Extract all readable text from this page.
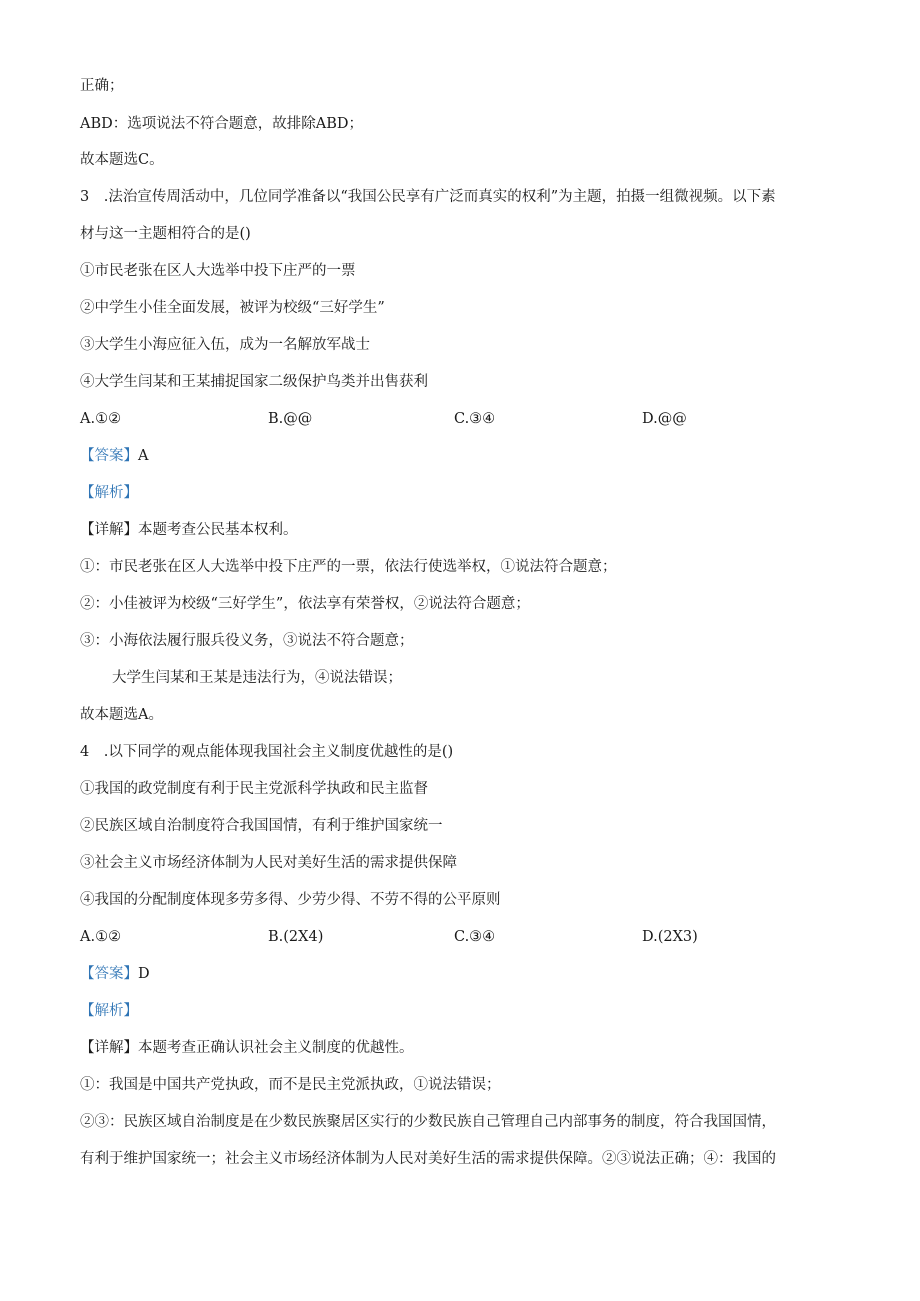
正确；
ABD：选项说法不符合题意，故排除ABD；
故本题选C。
3　.法治宣传周活动中，几位同学准备以“我国公民享有广泛而真实的权利”为主题，拍摄一组微视频。以下素
材与这一主题相符合的是()
①市民老张在区人大选举中投下庄严的一票
②中学生小佳全面发展，被评为校级“三好学生”
③大学生小海应征入伍，成为一名解放军战士
④大学生闫某和王某捕捉国家二级保护鸟类并出售获利
A.①②	B.@@	C.③④	D.@@
【答案】A
【解析】
【详解】本题考查公民基本权利。
①：市民老张在区人大选举中投下庄严的一票，依法行使选举权，①说法符合题意；
②：小佳被评为校级“三好学生”，依法享有荣誉权，②说法符合题意；
③：小海依法履行服兵役义务，③说法不符合题意；
大学生闫某和王某是违法行为，④说法错误；
故本题选A。
4　.以下同学的观点能体现我国社会主义制度优越性的是()
①我国的政党制度有利于民主党派科学执政和民主监督
②民族区域自治制度符合我国国情，有利于维护国家统一
③社会主义市场经济体制为人民对美好生活的需求提供保障
④我国的分配制度体现多劳多得、少劳少得、不劳不得的公平原则
A.①②	B.(2X4)	C.③④	D.(2X3)
【答案】D
【解析】
【详解】本题考查正确认识社会主义制度的优越性。
①：我国是中国共产党执政，而不是民主党派执政，①说法错误；
②③：民族区域自治制度是在少数民族聚居区实行的少数民族自己管理自己内部事务的制度，符合我国国情，
有利于维护国家统一；社会主义市场经济体制为人民对美好生活的需求提供保障。②③说法正确；④：我国的
